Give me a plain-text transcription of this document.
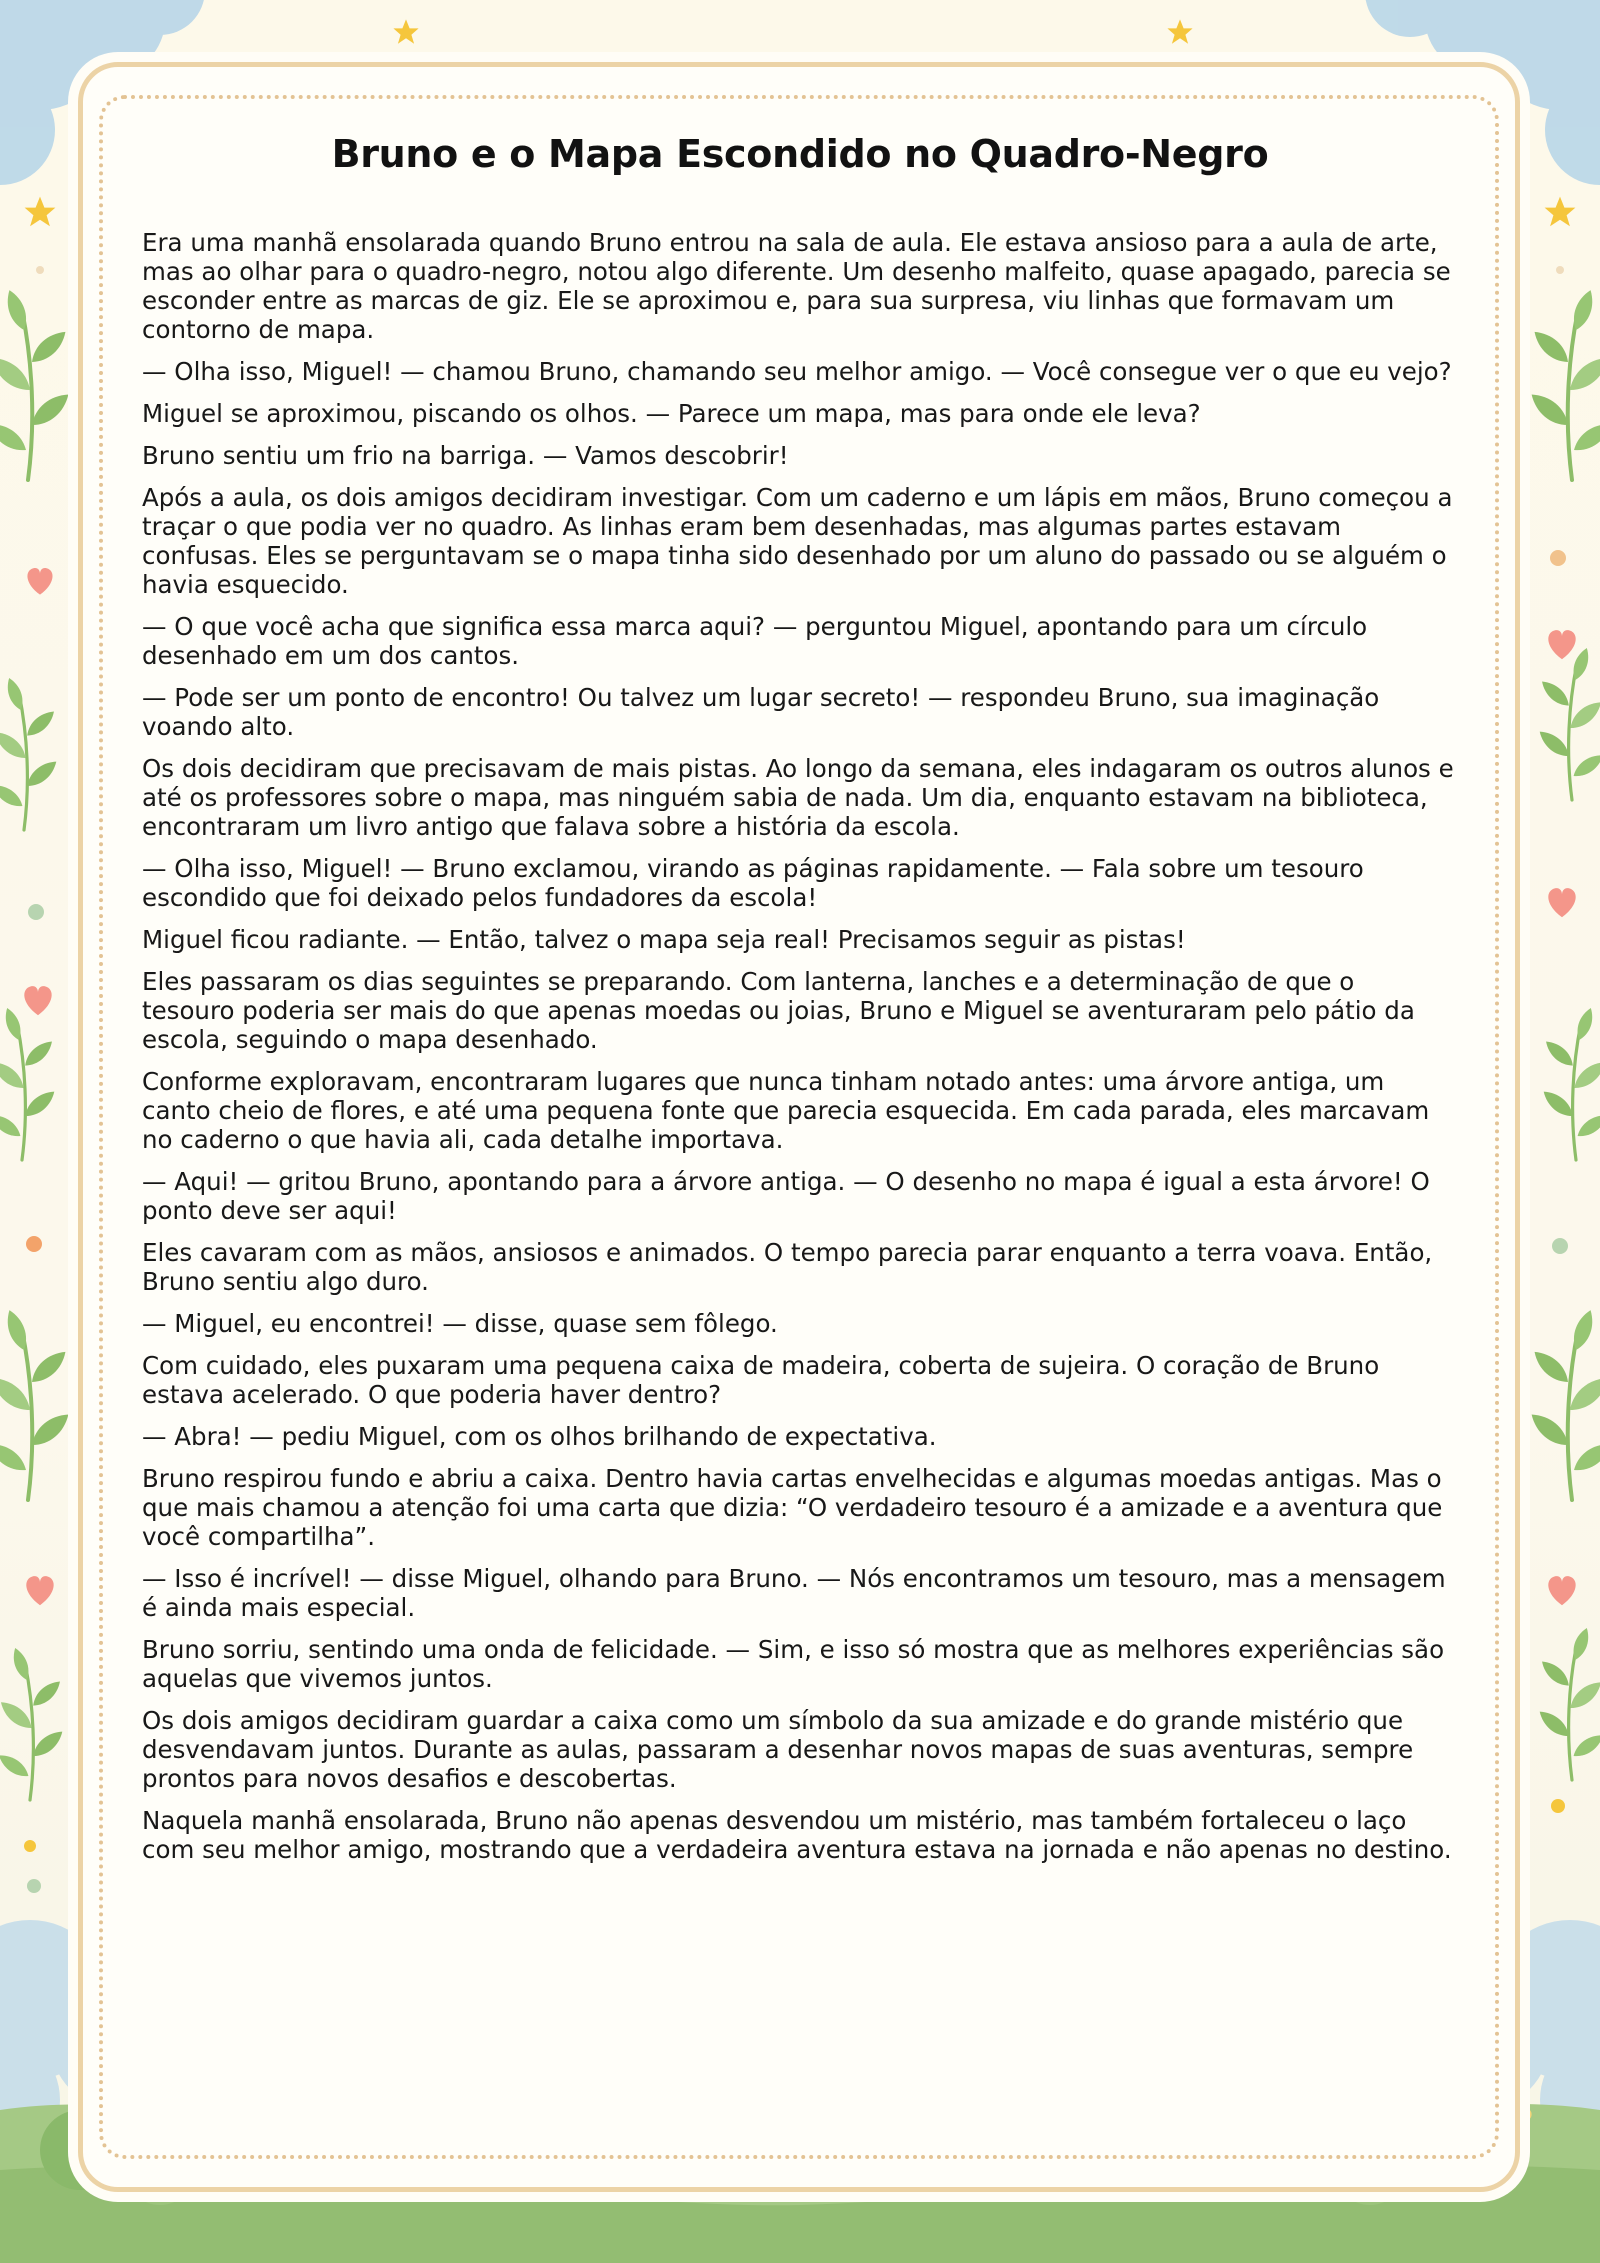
Bruno e o Mapa Escondido no Quadro-Negro

Era uma manhã ensolarada quando Bruno entrou na sala de aula. Ele estava ansioso para a aula de arte, mas ao olhar para o quadro-negro, notou algo diferente. Um desenho malfeito, quase apagado, parecia se esconder entre as marcas de giz. Ele se aproximou e, para sua surpresa, viu linhas que formavam um contorno de mapa.

— Olha isso, Miguel! — chamou Bruno, chamando seu melhor amigo. — Você consegue ver o que eu vejo?

Miguel se aproximou, piscando os olhos. — Parece um mapa, mas para onde ele leva?

Bruno sentiu um frio na barriga. — Vamos descobrir!

Após a aula, os dois amigos decidiram investigar. Com um caderno e um lápis em mãos, Bruno começou a traçar o que podia ver no quadro. As linhas eram bem desenhadas, mas algumas partes estavam confusas. Eles se perguntavam se o mapa tinha sido desenhado por um aluno do passado ou se alguém o havia esquecido.

— O que você acha que significa essa marca aqui? — perguntou Miguel, apontando para um círculo desenhado em um dos cantos.

— Pode ser um ponto de encontro! Ou talvez um lugar secreto! — respondeu Bruno, sua imaginação voando alto.

Os dois decidiram que precisavam de mais pistas. Ao longo da semana, eles indagaram os outros alunos e até os professores sobre o mapa, mas ninguém sabia de nada. Um dia, enquanto estavam na biblioteca, encontraram um livro antigo que falava sobre a história da escola.

— Olha isso, Miguel! — Bruno exclamou, virando as páginas rapidamente. — Fala sobre um tesouro escondido que foi deixado pelos fundadores da escola!

Miguel ficou radiante. — Então, talvez o mapa seja real! Precisamos seguir as pistas!

Eles passaram os dias seguintes se preparando. Com lanterna, lanches e a determinação de que o tesouro poderia ser mais do que apenas moedas ou joias, Bruno e Miguel se aventuraram pelo pátio da escola, seguindo o mapa desenhado.

Conforme exploravam, encontraram lugares que nunca tinham notado antes: uma árvore antiga, um canto cheio de flores, e até uma pequena fonte que parecia esquecida. Em cada parada, eles marcavam no caderno o que havia ali, cada detalhe importava.

— Aqui! — gritou Bruno, apontando para a árvore antiga. — O desenho no mapa é igual a esta árvore! O ponto deve ser aqui!

Eles cavaram com as mãos, ansiosos e animados. O tempo parecia parar enquanto a terra voava. Então, Bruno sentiu algo duro.

— Miguel, eu encontrei! — disse, quase sem fôlego.

Com cuidado, eles puxaram uma pequena caixa de madeira, coberta de sujeira. O coração de Bruno estava acelerado. O que poderia haver dentro?

— Abra! — pediu Miguel, com os olhos brilhando de expectativa.

Bruno respirou fundo e abriu a caixa. Dentro havia cartas envelhecidas e algumas moedas antigas. Mas o que mais chamou a atenção foi uma carta que dizia: “O verdadeiro tesouro é a amizade e a aventura que você compartilha”.

— Isso é incrível! — disse Miguel, olhando para Bruno. — Nós encontramos um tesouro, mas a mensagem é ainda mais especial.

Bruno sorriu, sentindo uma onda de felicidade. — Sim, e isso só mostra que as melhores experiências são aquelas que vivemos juntos.

Os dois amigos decidiram guardar a caixa como um símbolo da sua amizade e do grande mistério que desvendavam juntos. Durante as aulas, passaram a desenhar novos mapas de suas aventuras, sempre prontos para novos desafios e descobertas.

Naquela manhã ensolarada, Bruno não apenas desvendou um mistério, mas também fortaleceu o laço com seu melhor amigo, mostrando que a verdadeira aventura estava na jornada e não apenas no destino.
